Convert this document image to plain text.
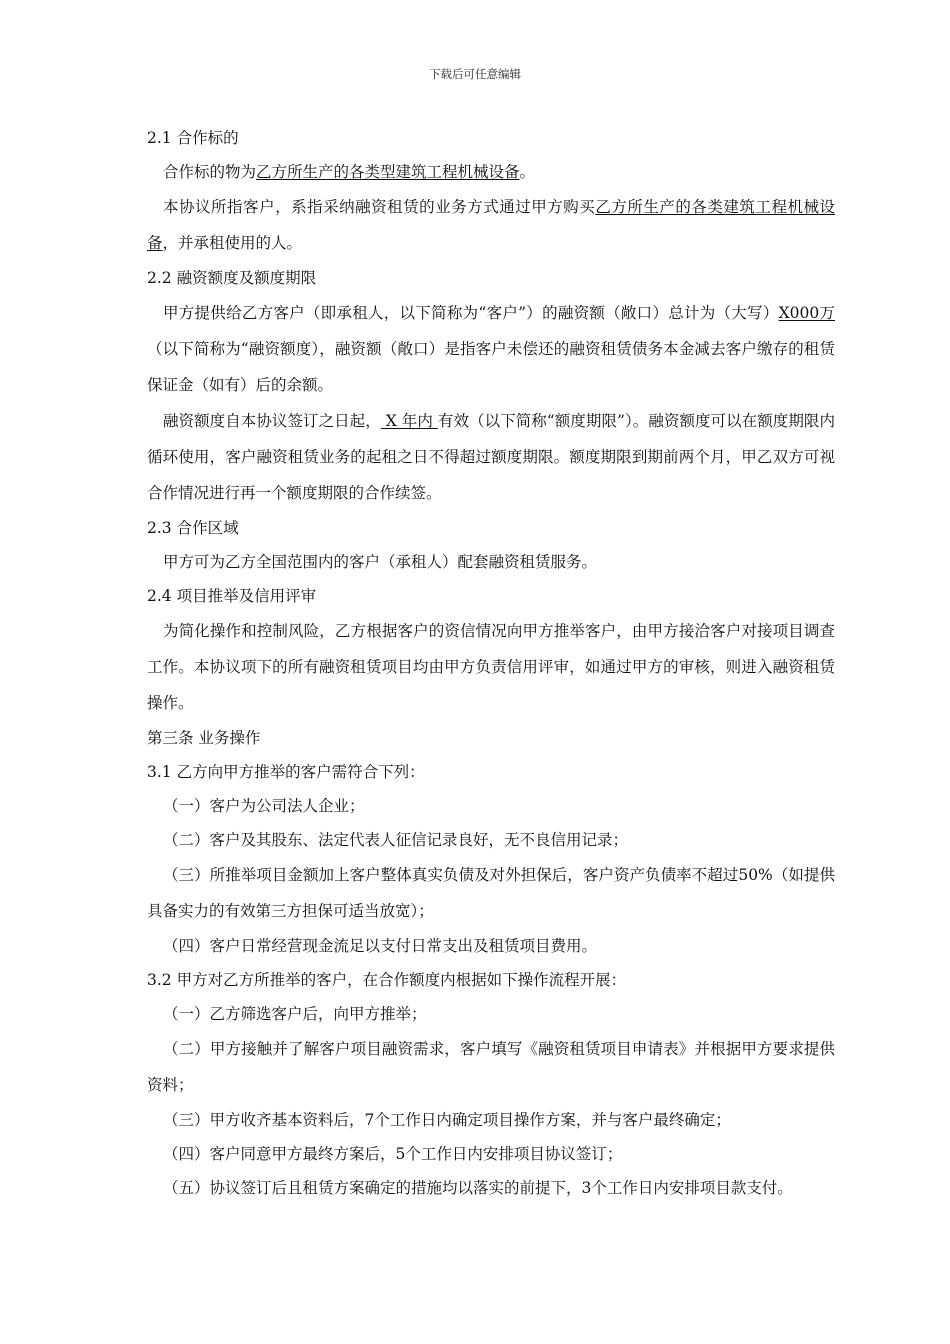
下载后可任意编辑
2.1 合作标的
合作标的物为乙方所生产的各类型建筑工程机械设备。
本协议所指客户，系指采纳融资租赁的业务方式通过甲方购买乙方所生产的各类建筑工程机械设备，并承租使用的人。
2.2 融资额度及额度期限
甲方提供给乙方客户（即承租人，以下简称为“客户”）的融资额（敞口）总计为（大写）X000万（以下简称为“融资额度），融资额（敞口）是指客户未偿还的融资租赁债务本金减去客户缴存的租赁保证金（如有）后的余额。
融资额度自本协议签订之日起， X 年内 有效（以下简称“额度期限”）。融资额度可以在额度期限内循环使用，客户融资租赁业务的起租之日不得超过额度期限。额度期限到期前两个月，甲乙双方可视合作情况进行再一个额度期限的合作续签。
2.3 合作区域
甲方可为乙方全国范围内的客户（承租人）配套融资租赁服务。
2.4 项目推举及信用评审
为简化操作和控制风险，乙方根据客户的资信情况向甲方推举客户，由甲方接洽客户对接项目调查工作。本协议项下的所有融资租赁项目均由甲方负责信用评审，如通过甲方的审核，则进入融资租赁操作。
第三条 业务操作
3.1 乙方向甲方推举的客户需符合下列：
（一）客户为公司法人企业；
（二）客户及其股东、法定代表人征信记录良好，无不良信用记录；
（三）所推举项目金额加上客户整体真实负债及对外担保后，客户资产负债率不超过50%（如提供具备实力的有效第三方担保可适当放宽）；
（四）客户日常经营现金流足以支付日常支出及租赁项目费用。
3.2 甲方对乙方所推举的客户，在合作额度内根据如下操作流程开展：
（一）乙方筛选客户后，向甲方推举；
（二）甲方接触并了解客户项目融资需求，客户填写《融资租赁项目申请表》并根据甲方要求提供资料；
（三）甲方收齐基本资料后，7个工作日内确定项目操作方案，并与客户最终确定；
（四）客户同意甲方最终方案后，5个工作日内安排项目协议签订；
（五）协议签订后且租赁方案确定的措施均以落实的前提下，3个工作日内安排项目款支付。
